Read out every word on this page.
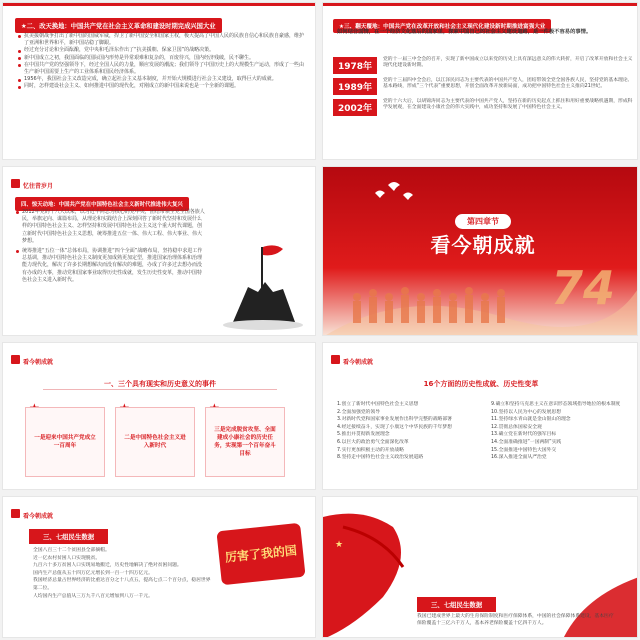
★二、改天换地：中国共产党在社会主义革命和建设时期完成兴国大业
抗美援朝战争打出了新中国的国威军威，捍卫了新中国安全和国家主权，极大提高了中国人民的民族自信心和民族自豪感，维护了亚洲和世界和平，新中国站稳了脚跟。
经过充分讨论和全面酝酿，党中央和毛泽东作出了“抗美援朝、保家卫国”的战略决策。
新中国成立之初，我国面临的国际国内形势是异常艰难和复杂的，百废待兴，国内经济残破，民不聊生。
在中国共产党的坚强领导下，经过全国人民的力量，顺应发展的潮流；我们领导了中国历史上的大规模生产运动，形成了一些由生产新中国需要上生产的工业体系和国民经济体系。
1956年，我国社会主义改造完成，确立起社会主义基本制度，并开始大规模进行社会主义建设，取得巨大的成就。
同时，怎样建设社会主义、如何推进中国的现代化，对刚成立的新中国来说也是一个全新的课题。
★三、翻天覆地：中国共产党在改革开放和社会主义现代化建设新时期推进富强大业
如何结合国情，在一个经济文化落后的国家里，探索中国自己的社会主义建设道路，是一件极不容易的事情。
1978年
党的十一届三中全会的召开，实现了新中国成立以来党的历史上具有深远意义的伟大转折，开启了改革开放和社会主义现代化建设新时期。
1989年
党的十三届四中全会后，以江泽民同志为主要代表的中国共产党人，团结带领全党全国各族人民，坚持党的基本理论、基本路线，形成“三个代表”重要思想，开创全面改革开放新局面，成功把中国特色社会主义推向21世纪。
2002年
党的十六大后，以胡锦涛同志为主要代表的中国共产党人，坚持在新的历史起点上抓住和用好重要战略机遇期，形成科学发展观，在全面建设小康社会的伟大实践中，成功坚持和发展了中国特色社会主义。
忆往昔岁月
四、惊天动地：中国共产党在中国特色社会主义新时代推进伟大复兴
2012年党的十八大以来，以习近平同志为核心的党中央，团结带领全党全国各族人民，举旗定向、谋篇布局，从理论和实践结合上深刻回答了新时代坚持和发展什么样的中国特色社会主义、怎样坚持和发展中国特色社会主义这个重大时代课题，创立新时代中国特色社会主义思想，统筹推进五位一体、伟大工程、伟大事业、伟大梦想。
统筹推进“五位一体”总体布局，协调推进“四个全面”战略布局，坚持稳中求进工作总基调，推动中国特色社会主义制度更加成熟更加定型，推进国家治理体系和治理能力现代化，解决了许多长期想解决而没有解决的难题，办成了许多过去想办而没有办成的大事，推动党和国家事业取得历史性成就，发生历史性变革，推动中国特色社会主义进入新时代。
第四章节
看今朝成就
74
看今朝成就
一、三个具有现实和历史意义的事件
一是迎来中国共产党成立一百周年
二是中国特色社会主义进入新时代
三是完成脱贫攻坚、全面建成小康社会的历史任务，实现第一个百年奋斗目标
看今朝成就
16个方面的历史性成就、历史性变革
1.创立了新时代中国特色社会主义思想
2.全面加强党的领导
3.对新时代党和国家事业发展作出科学完整的战略部署
4.经过接续奋斗，实现了小康这个中华民族的千年梦想
5.推出并贯彻新发展理念
6.以巨大的政治勇气全面深化改革
7.实行更加积极主动的开放战略
8.坚持走中国特色社会主义政治发展道路
9.确立和坚持马克思主义在意识形态领域指导地位的根本制度
10.坚持以人民为中心的发展思想
11.坚持绿水青山就是金山银山的理念
12.贯彻总体国家安全观
13.确立党在新时代的强军目标
14.全面准确推进“一国两制”实践
15.全面推进中国特色大国外交
16.深入推进全面从严治党
看今朝成就
三、七组民生数据
全国八百三十二个贫困县全部摘帽。
近一亿农村贫困人口实现脱贫。
九百六十多万贫困人口实现易地搬迁，历史性地解决了绝对贫困问题。
国内生产总值从五十四万亿元增长到一百一十四万亿元。
我国经济总量占世界经济的比重达百分之十八点五，提高七点二个百分点，稳居世界第二位。
人均国内生产总值从三万九千八百元增加到八万一千元。
厉害了我的国	★
三、七组民生数据
我国已建成世界上最大的生育保险制度和医疗保障体系，中国的社会保障体系建设，基本医疗保险覆盖十三亿六千万人，基本养老保险覆盖十亿四千万人。
